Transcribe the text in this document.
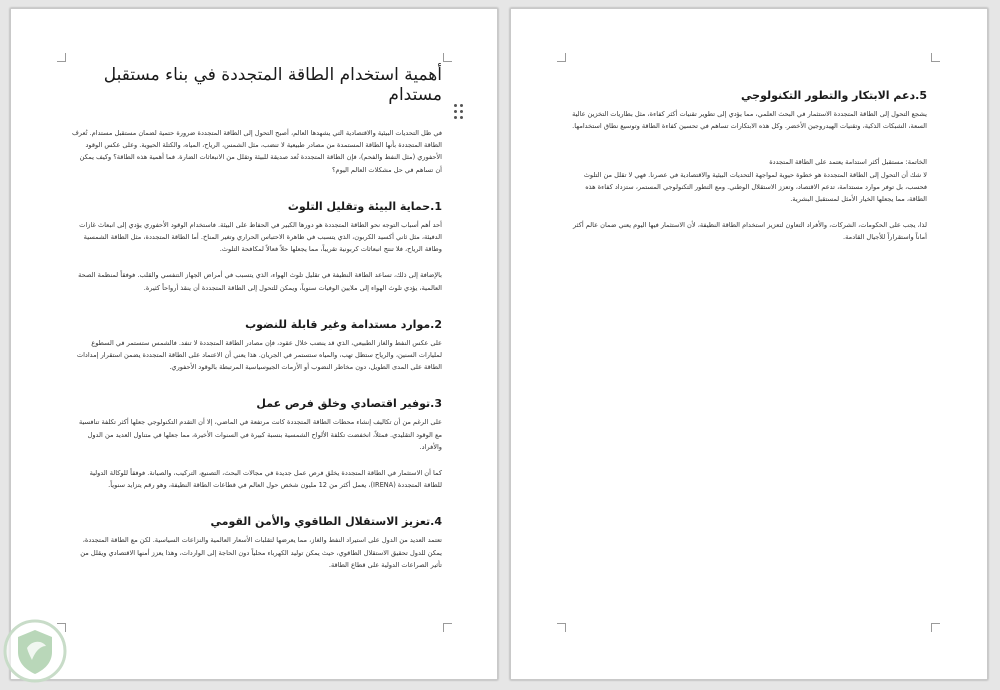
أهمية استخدام الطاقة المتجددة في بناء مستقبل مستدام

في ظل التحديات البيئية والاقتصادية التي يشهدها العالم، أصبح التحول إلى الطاقة المتجددة ضرورة حتمية لضمان مستقبل مستدام. تُعرف الطاقة المتجددة بأنها الطاقة المستمدة من مصادر طبيعية لا تنضب، مثل الشمس، الرياح، المياه، والكتلة الحيوية. وعلى عكس الوقود الأحفوري (مثل النفط والفحم)، فإن الطاقة المتجددة تُعد صديقة للبيئة وتقلل من الانبعاثات الضارة. فما أهمية هذه الطاقة؟ وكيف يمكن أن تساهم في حل مشكلات العالم اليوم؟

1.حماية البيئة وتقليل التلوث

أحد أهم أسباب التوجه نحو الطاقة المتجددة هو دورها الكبير في الحفاظ على البيئة. فاستخدام الوقود الأحفوري يؤدي إلى انبعاث غازات الدفيئة، مثل ثاني أكسيد الكربون، الذي يتسبب في ظاهرة الاحتباس الحراري وتغير المناخ. أما الطاقة المتجددة، مثل الطاقة الشمسية وطاقة الرياح، فلا تنتج انبعاثات كربونية تقريباً، مما يجعلها حلاً فعالاً لمكافحة التلوث.

بالإضافة إلى ذلك، تساعد الطاقة النظيفة في تقليل تلوث الهواء، الذي يتسبب في أمراض الجهاز التنفسي والقلب. فوفقاً لمنظمة الصحة العالمية، يؤدي تلوث الهواء إلى ملايين الوفيات سنوياً، ويمكن للتحول إلى الطاقة المتجددة أن ينقذ أرواحاً كثيرة.

2.موارد مستدامة وغير قابلة للنضوب

على عكس النفط والغاز الطبيعي، الذي قد ينضب خلال عقود، فإن مصادر الطاقة المتجددة لا تنفد. فالشمس ستستمر في السطوع لمليارات السنين، والرياح ستظل تهب، والمياه ستستمر في الجريان. هذا يعني أن الاعتماد على الطاقة المتجددة يضمن استقرار إمدادات الطاقة على المدى الطويل، دون مخاطر النضوب أو الأزمات الجيوسياسية المرتبطة بالوقود الأحفوري.

3.توفير اقتصادي وخلق فرص عمل

على الرغم من أن تكاليف إنشاء محطات الطاقة المتجددة كانت مرتفعة في الماضي، إلا أن التقدم التكنولوجي جعلها أكثر تكلفة تنافسية مع الوقود التقليدي. فمثلاً، انخفضت تكلفة الألواح الشمسية بنسبة كبيرة في السنوات الأخيرة، مما جعلها في متناول العديد من الدول والأفراد.

كما أن الاستثمار في الطاقة المتجددة يخلق فرص عمل جديدة في مجالات البحث، التصنيع، التركيب، والصيانة. فوفقاً للوكالة الدولية للطاقة المتجددة (IRENA)، يعمل أكثر من 12 مليون شخص حول العالم في قطاعات الطاقة النظيفة، وهو رقم يتزايد سنوياً.

4.تعزيز الاستقلال الطاقوي والأمن القومي

تعتمد العديد من الدول على استيراد النفط والغاز، مما يعرضها لتقلبات الأسعار العالمية والنزاعات السياسية. لكن مع الطاقة المتجددة، يمكن للدول تحقيق الاستقلال الطاقوي، حيث يمكن توليد الكهرباء محلياً دون الحاجة إلى الواردات، وهذا يعزز أمنها الاقتصادي ويقلل من تأثير الصراعات الدولية على قطاع الطاقة.

5.دعم الابتكار والتطور التكنولوجي

يشجع التحول إلى الطاقة المتجددة الاستثمار في البحث العلمي، مما يؤدي إلى تطوير تقنيات أكثر كفاءة، مثل بطاريات التخزين عالية السعة، الشبكات الذكية، وتقنيات الهيدروجين الأخضر. وكل هذه الابتكارات تساهم في تحسين كفاءة الطاقة وتوسيع نطاق استخدامها.

الخاتمة: مستقبل أكثر استدامة يعتمد على الطاقة المتجددة

لا شك أن التحول إلى الطاقة المتجددة هو خطوة حيوية لمواجهة التحديات البيئية والاقتصادية في عصرنا. فهي لا تقلل من التلوث فحسب، بل توفر موارد مستدامة، تدعم الاقتصاد، وتعزز الاستقلال الوطني. ومع التطور التكنولوجي المستمر، ستزداد كفاءة هذه الطاقة، مما يجعلها الخيار الأمثل لمستقبل البشرية.

لذا، يجب على الحكومات، الشركات، والأفراد التعاون لتعزيز استخدام الطاقة النظيفة، لأن الاستثمار فيها اليوم يعني ضمان عالم أكثر أماناً واستقراراً للأجيال القادمة.
